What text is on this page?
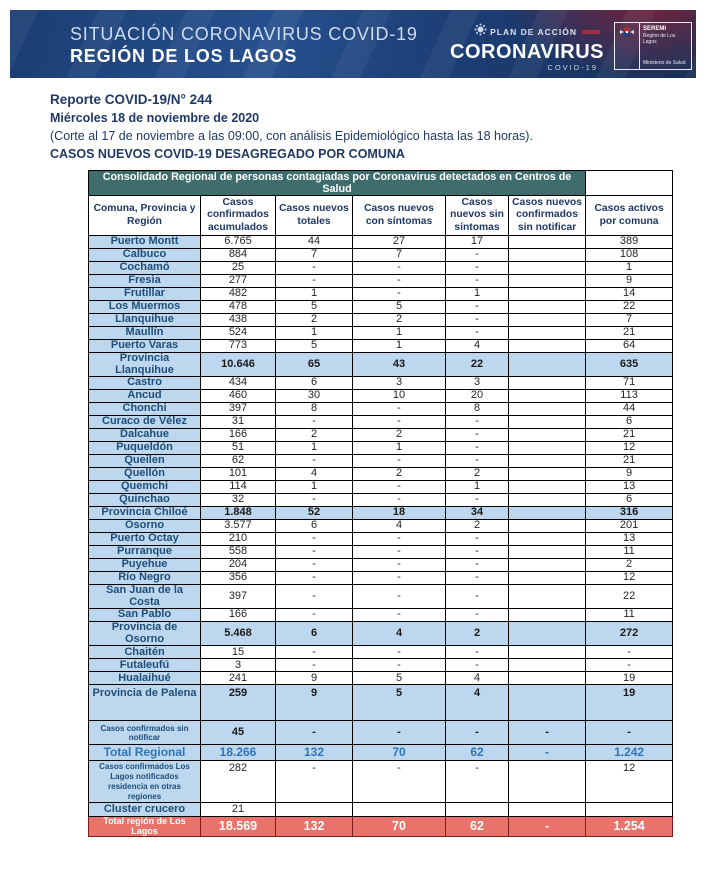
SITUACIÓN CORONAVIRUS COVID-19
REGIÓN DE LOS LAGOS
PLAN DE ACCIÓN
CORONAVIRUS
COVID-19
SEREMI
Región de Los Lagos
Ministerio de Salud
Reporte COVID-19/N° 244
Miércoles 18 de noviembre de 2020
(Corte al 17 de noviembre a las 09:00, con análisis Epidemiológico hasta las 18 horas).
CASOS NUEVOS COVID-19 DESAGREGADO POR COMUNA
Consolidado Regional de personas contagiadas por Coronavirus detectados en Centros de Salud						
Comuna, Provincia y Región	Casos confirmados acumulados	Casos nuevos totales	Casos nuevos con síntomas	Casos nuevos sin síntomas	Casos nuevos confirmados sin notificar	Casos activos por comuna
Puerto Montt	6.765	44	27	17		389
Calbuco	884	7	7	-		108
Cochamó	25	-	-	-		1
Fresia	277	-	-	-		9
Frutillar	482	1	-	1		14
Los Muermos	478	5	5	-		22
Llanquihue	438	2	2	-		7
Maullín	524	1	1	-		21
Puerto Varas	773	5	1	4		64
Provincia Llanquihue	10.646	65	43	22		635
Castro	434	6	3	3		71
Ancud	460	30	10	20		113
Chonchi	397	8	-	8		44
Curaco de Vélez	31	-	-	-		6
Dalcahue	166	2	2	-		21
Puqueldón	51	1	1	-		12
Queilen	62	-	-	-		21
Quellón	101	4	2	2		9
Quemchi	114	1	-	1		13
Quinchao	32	-	-	-		6
Provincia Chiloé	1.848	52	18	34		316
Osorno	3.577	6	4	2		201
Puerto Octay	210	-	-	-		13
Purranque	558	-	-	-		11
Puyehue	204	-	-	-		2
Río Negro	356	-	-	-		12
San Juan de la Costa	397	-	-	-		22
San Pablo	166	-	-	-		11
Provincia de Osorno	5.468	6	4	2		272
Chaitén	15	-	-	-		-
Futaleufú	3	-	-	-		-
Hualaihué	241	9	5	4		19
Provincia de Palena	259	9	5	4		19
Casos confirmados sin notificar	45	-	-	-	-	-
Total Regional	18.266	132	70	62	-	1.242
Casos confirmados Los Lagos notificados residencia en otras regiones	282	-	-	-		12
Cluster crucero	21					
Total región de Los Lagos	18.569	132	70	62	-	1.254
